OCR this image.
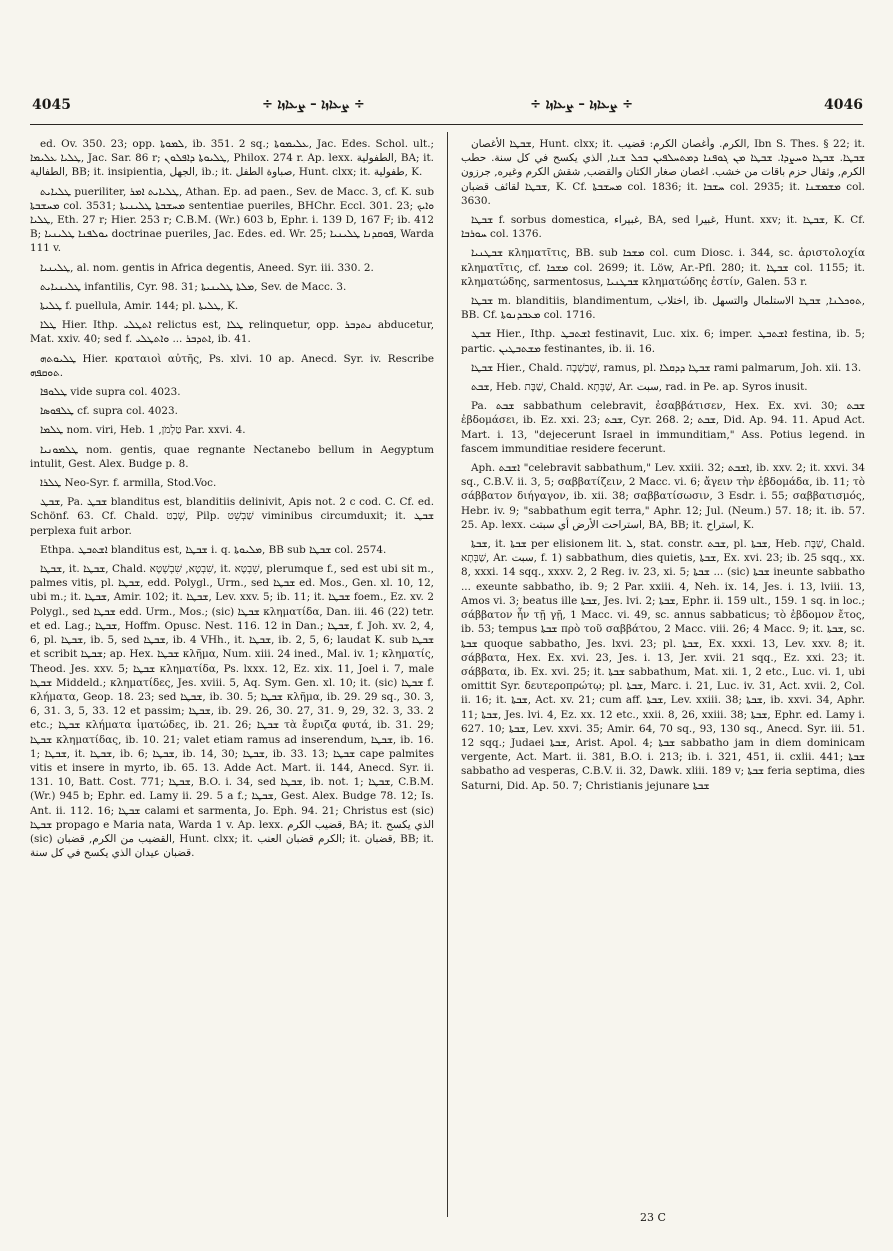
4045	÷ ܨܥܐܙܐ – ܨܥܐܙܐ ÷	÷ ܨܥܐܙܐ – ܨܥܐܙܐ ÷	4046

ed. Ov. 350. 23; opp. ܠܡܘܬܐ, ib. 351. 2 sq.; ܥܠܝܡܘܬܐ, Jac. Edes. Schol. ult.; ܛܠܝܐ ܥܠܝܡܐ, Jac. Sar. 86 r; ܛܠܝܘܬܐ ܕܐܦܠܘܢ, Philox. 274 r. Ap. lexx. الطفولية, BA; it. الطفالية, BB; it. insipientia, الجهل, ib.; it. صباوة الطفل, Hunt. clxx; it. طفولية, K.

ܛܠܝܐܝܬ pueriliter, ܛܠܝܐܝܬ ܐܡܪ, Athan. Ep. ad paen., Sev. de Macc. 3, cf. K. sub ܡܚܫܒܬܐ col. 3531; ܡܚܫܒܬܐ ܛܠܝܢܝܬܐ sententiae pueriles, BHChr. Eccl. 301. 23; ܘܐܝܟ ܛܠܝܐ, Eth. 27 r; Hier. 253 r; C.B.M. (Wr.) 603 b, Ephr. i. 139 D, 167 F; ib. 412 B; ܝܘܠܦܢܐ ܛܠܝܢܝܐ doctrinae pueriles, Jac. Edes. ed. Wr. 25; ܦܘܩܕܢܐ ܛܠܝܢܝܐ, Warda 111 v.

ܛܠܝܢܝܐ, al. nom. gentis in Africa degentis, Aneed. Syr. iii. 330. 2.

ܛܠܝܢܝܐܝܬ infantilis, Cyr. 98. 31; ܡܠܬܐ ܛܠܝܢܝܬܐ, Sev. de Macc. 3.

ܛܠܝܬܐ f. puellula, Amir. 144; pl. ܛܠܝܬܐ, K.

ܛܠܐ Hier. Ithp. ܐܬܛܠܝ relictus est, ܛܠܐ relinquetur, opp. ܢܬܕܒܪ abducetur, Mat. xxiv. 40; sed f. ܐܬܕܒܪ ... ܘܐܬܛܠܝ, ib. 41.

ܛܠܝܘܬܗ Hier. κραταιοὶ αὐτῆς, Ps. xlvi. 10 ap. Anecd. Syr. iv. Rescribe ܬܘܩܦܗ.

ܛܠܘܦܐ vide supra col. 4023.

ܛܠܦܘܣܐ cf. supra col. 4023.

ܛܠܡܐ nom. viri, Heb. טַלְמֹן, 1 Par. xxvi. 4.

ܛܠܡܘܢܝܐ nom. gentis, quae regnante Nectanebo bellum in Aegyptum intulit, Gest. Alex. Budge p. 8.

ܛܠܪܐ Neo-Syr. f. armilla, Stod.Voc.

ܫܒܛ, Pa. ܫܒܛ blanditus est, blanditiis delinivit, Apis not. 2 c cod. C. Cf. ed. Schönf. 63. Cf. Chald. שְׁבַט, Pilp. שַׁבְשֵׁט viminibus circumduxit; it. ܫܒܛ perplexa fuit arbor.

Ethpa. ܐܫܬܒܛ blanditus est, ܫܒܛܐ i. q. ܡܠܝܘܬܐ, BB sub ܫܒܛܐ col. 2574.

ܫܒܛܐ, it. ܫܒܛܐ, Chald. שִׁבְטָא, שִׁבְשְׁטָא, it. שִׁבְטָא, plerumque f., sed est ubi sit m., palmes vitis, pl. ܫܒܛܐ, edd. Polygl., Urm., sed ܫܒܛܐ ed. Mos., Gen. xl. 10, 12, ubi m.; it. ܫܒܛܐ, Amir. 102; it. ܫܒܛܐ, Lev. xxv. 5; ib. 11; it. ܫܒܛܐ foem., Ez. xv. 2 Polygl., sed ܫܒܛܐ edd. Urm., Mos.; (sic) ܫܒܛܐ κληματίδα, Dan. iii. 46 (22) tetr. et ed. Lag.; ܫܒܛܐ, Hoffm. Opusc. Nest. 116. 12 in Dan.; ܫܒܛܐ, f. Joh. xv. 2, 4, 6, pl. ܫܒܛܐ, ib. 5, sed ܫܒܛܐ, ib. 4 VHh., it. ܫܒܛܐ, ib. 2, 5, 6; laudat K. sub ܫܒܛܐ et scribit ܫܒܛܐ; ap. Hex. ܫܒܛܐ κλῆμα, Num. xiii. 24 ined., Mal. iv. 1; κληματίς, Theod. Jes. xxv. 5; ܫܒܛܐ κληματίδα, Ps. lxxx. 12, Ez. xix. 11, Joel i. 7, male ܫܒܛܐ Middeld.; κληματίδες, Jes. xviii. 5, Aq. Sym. Gen. xl. 10; it. (sic) ܫܒܛܐ f. κλήματα, Geop. 18. 23; sed ܫܒܛܐ, ib. 30. 5; ܫܒܛܐ κλῆμα, ib. 29. 29 sq., 30. 3, 6, 31. 3, 5, 33. 12 et passim; ܫܒܛܐ, ib. 29. 26, 30. 27, 31. 9, 29, 32. 3, 33. 2 etc.; ܫܒܛܐ κλήματα ἱματώδες, ib. 21. 26; ܫܒܛܐ τὰ ἔυριζα φυτά, ib. 31. 29; ܫܒܛܐ κληματίδας, ib. 10. 21; valet etiam ramus ad inserendum, ܫܒܛܐ, ib. 16. 1; ܫܒܛܐ, it. ܫܒܛܐ, ib. 6; ܫܒܛܐ, ib. 14, 30; ܫܒܛܐ, ib. 33. 13; ܫܒܛܐ cape palmites vitis et insere in myrto, ib. 65. 13. Adde Act. Mart. ii. 144, Anecd. Syr. ii. 131. 10, Batt. Cost. 771; ܫܒܛܐ, B.O. i. 34, sed ܫܒܛܐ, ib. not. 1; ܫܒܛܐ, C.B.M. (Wr.) 945 b; Ephr. ed. Lamy ii. 29. 5 a f.; ܫܒܛܐ, Gest. Alex. Budge 78. 12; Is. Ant. ii. 112. 16; ܫܒܛܐ calami et sarmenta, Jo. Eph. 94. 21; Christus est (sic) ܫܒܛܐ propago e Maria nata, Warda 1 v. Ap. lexx. قضيب الكرم, BA; it. الذي يكسح (sic) القضيب من الكرم, قضبان, Hunt. clxx; it. الكرم قضبان العنب; it. قضبان, BB; it. قضبان عيدان الذي يكسح في كل سنة.

ܫܒܛܐ الأغصان, Hunt. clxx; it. الكرم. وأغصان الكرم: قضيب, Ibn S. Thes. § 22; it. ܫܒܛܐ. ܫܒܛܐ ܘܚܨܕܐ. ܫܒܛܐ ܡܢ ܓܘܦܢܐ ܕܡܬܚܠܦܝܢ ܒܟܠ ܫܢܐ, الذي يكسح في كل سنة. حطب الكرم, وثقال حزم باقات من خشب. اغصان صغار الكتان والقضب, شقش الكرم وغيره, جرزون ܫܒܛܐ لقائف قضبان, K. Cf. ܡܚܫܒܬܐ col. 1836; it. ܚܫܒܐ col. 2935; it. ܡܫܡܫܢܐ col. 3630.

ܫܒܛܐ f. sorbus domestica, غبيراء, BA, sed غبيرا, Hunt. xxv; it. ܫܒܛܐ, K. Cf. ܚܘܪܒܐ col. 1376.

ܫܒܛܢܝܐ κληματῖτις, BB. sub ܡܫܟܐ col. cum Diosc. i. 344, sc. ἀριστολοχία κληματῖτις, cf. ܡܫܟܐ col. 2699; it. Löw, Ar.-Pfl. 280; it. ܫܒܛܐ col. 1155; it. κληματώδης, sarmentosus, ܫܒܛܢܝܐ κληματώδης ἐστίν, Galen. 53 r.

ܫܒܛܐ m. blanditiis, blandimentum, اختلاب, ib. ܬܘܟܠܢܐ, ܫܒܛܐ الاستلمال والتسهل, BB. Cf. ܡܥܒܕܢܘܬܐ col. 1716.

ܫܒܛ Hier., Ithp. ܐܫܬܒܛ festinavit, Luc. xix. 6; imper. ܐܫܬܒܛ festina, ib. 5; partic. ܡܫܬܒܛܝܢ festinantes, ib. ii. 16.

ܫܒܛܐ Hier., Chald. שְׁבַשְׁבָה, ramus, pl. ܫܒܛܐ ܕܕܩܠܐ rami palmarum, Joh. xii. 13.

ܫܒܬ, Heb. שַׁבָּת, Chald. שַׁבְּתָא, Ar. سبت, rad. in Pe. ap. Syros inusit.

Pa. ܫܒܬ sabbathum celebravit, ἐσαββάτισεν, Hex. Ex. xvi. 30; ܫܒܬ ἐβδομάσει, ib. Ez. xxi. 23; ܫܒܬ, Cyr. 268. 2; ܫܒܬ, Did. Ap. 94. 11. Apud Act. Mart. i. 13, "dejecerunt Israel in immunditiam," Ass. Potius legend. in fascem immunditiae residere fecerunt.

Aph. ܐܫܒܬ "celebravit sabbathum," Lev. xxiii. 32; ܐܫܒܬ, ib. xxv. 2; it. xxvi. 34 sq., C.B.V. ii. 3, 5; σαββατίζειν, 2 Macc. vi. 6; ἄγειν τὴν ἑβδομάδα, ib. 11; τὸ σάββατον διήγαγον, ib. xii. 38; σαββατίσωσιν, 3 Esdr. i. 55; σαββατισμός, Hebr. iv. 9; "sabbathum egit terra," Aphr. 12; Jul. (Neum.) 57. 18; it. ib. 57. 25. Ap. lexx. استراحت الأرض أي سبتت, BA, BB; it. استراح, K.

ܫܒܬܐ, it. ܫܒܬܐ per elisionem lit. ܠ, stat. constr. ܫܒܬ, pl. ܫܒܬܐ, Heb. שַׁבָּת, Chald. שַׁבְּתָא, Ar. سبت, f. 1) sabbathum, dies quietis, ܫܒܬܐ, Ex. xvi. 23; ib. 25 sqq., xx. 8, xxxi. 14 sqq., xxxv. 2, 2 Reg. iv. 23, xi. 5; ܫܒܬܐ ... (sic) ܫܒܬܐ ineunte sabbatho ... exeunte sabbatho, ib. 9; 2 Par. xxiii. 4, Neh. ix. 14, Jes. i. 13, lviii. 13, Amos vi. 3; beatus ille ܫܒܬܐ, Jes. lvi. 2; ܫܒܬܐ, Ephr. ii. 159 ult., 159. 1 sq. in loc.; σάββατον ἦν τῇ γῇ, 1 Macc. vi. 49, sc. annus sabbaticus; τὸ ἑβδομον ἔτος, ib. 53; tempus ܫܒܬܐ πρὸ τοῦ σαββάτου, 2 Macc. viii. 26; 4 Macc. 9; it. ܫܒܬܐ, sc. ܫܒܬܐ quoque sabbatho, Jes. lxvi. 23; pl. ܫܒܬܐ, Ex. xxxi. 13, Lev. xxv. 8; it. σάββατα, Hex. Ex. xvi. 23, Jes. i. 13, Jer. xvii. 21 sqq., Ez. xxi. 23; it. σάββατα, ib. Ex. xvi. 25; it. ܫܒܬܐ sabbathum, Mat. xii. 1, 2 etc., Luc. vi. 1, ubi omittit Syr. δευτεροπρώτῳ; pl. ܫܒܬܐ, Marc. i. 21, Luc. iv. 31, Act. xvii. 2, Col. ii. 16; it. ܫܒܬܐ, Act. xv. 21; cum aff. ܫܒܬܐ, Lev. xxiii. 38; ܫܒܬܐ, ib. xxvi. 34, Aphr. 11; ܫܒܬܐ, Jes. lvi. 4, Ez. xx. 12 etc., xxii. 8, 26, xxiii. 38; ܫܒܬܐ, Ephr. ed. Lamy i. 627. 10; ܫܒܬܐ, Lev. xxvi. 35; Amir. 64, 70 sq., 93, 130 sq., Anecd. Syr. iii. 51. 12 sqq.; Judaei ܫܒܬܐ, Arist. Apol. 4; ܫܒܬܐ sabbatho jam in diem dominicam vergente, Act. Mart. ii. 381, B.O. i. 213; ib. i. 321, 451, ii. cxlii. 441; ܫܒܬܐ sabbatho ad vesperas, C.B.V. ii. 32, Dawk. xliii. 189 v; ܫܒܬܐ feria septima, dies Saturni, Did. Ap. 50. 7; Christianis jejunare ܫܒܬܐ

23 C
